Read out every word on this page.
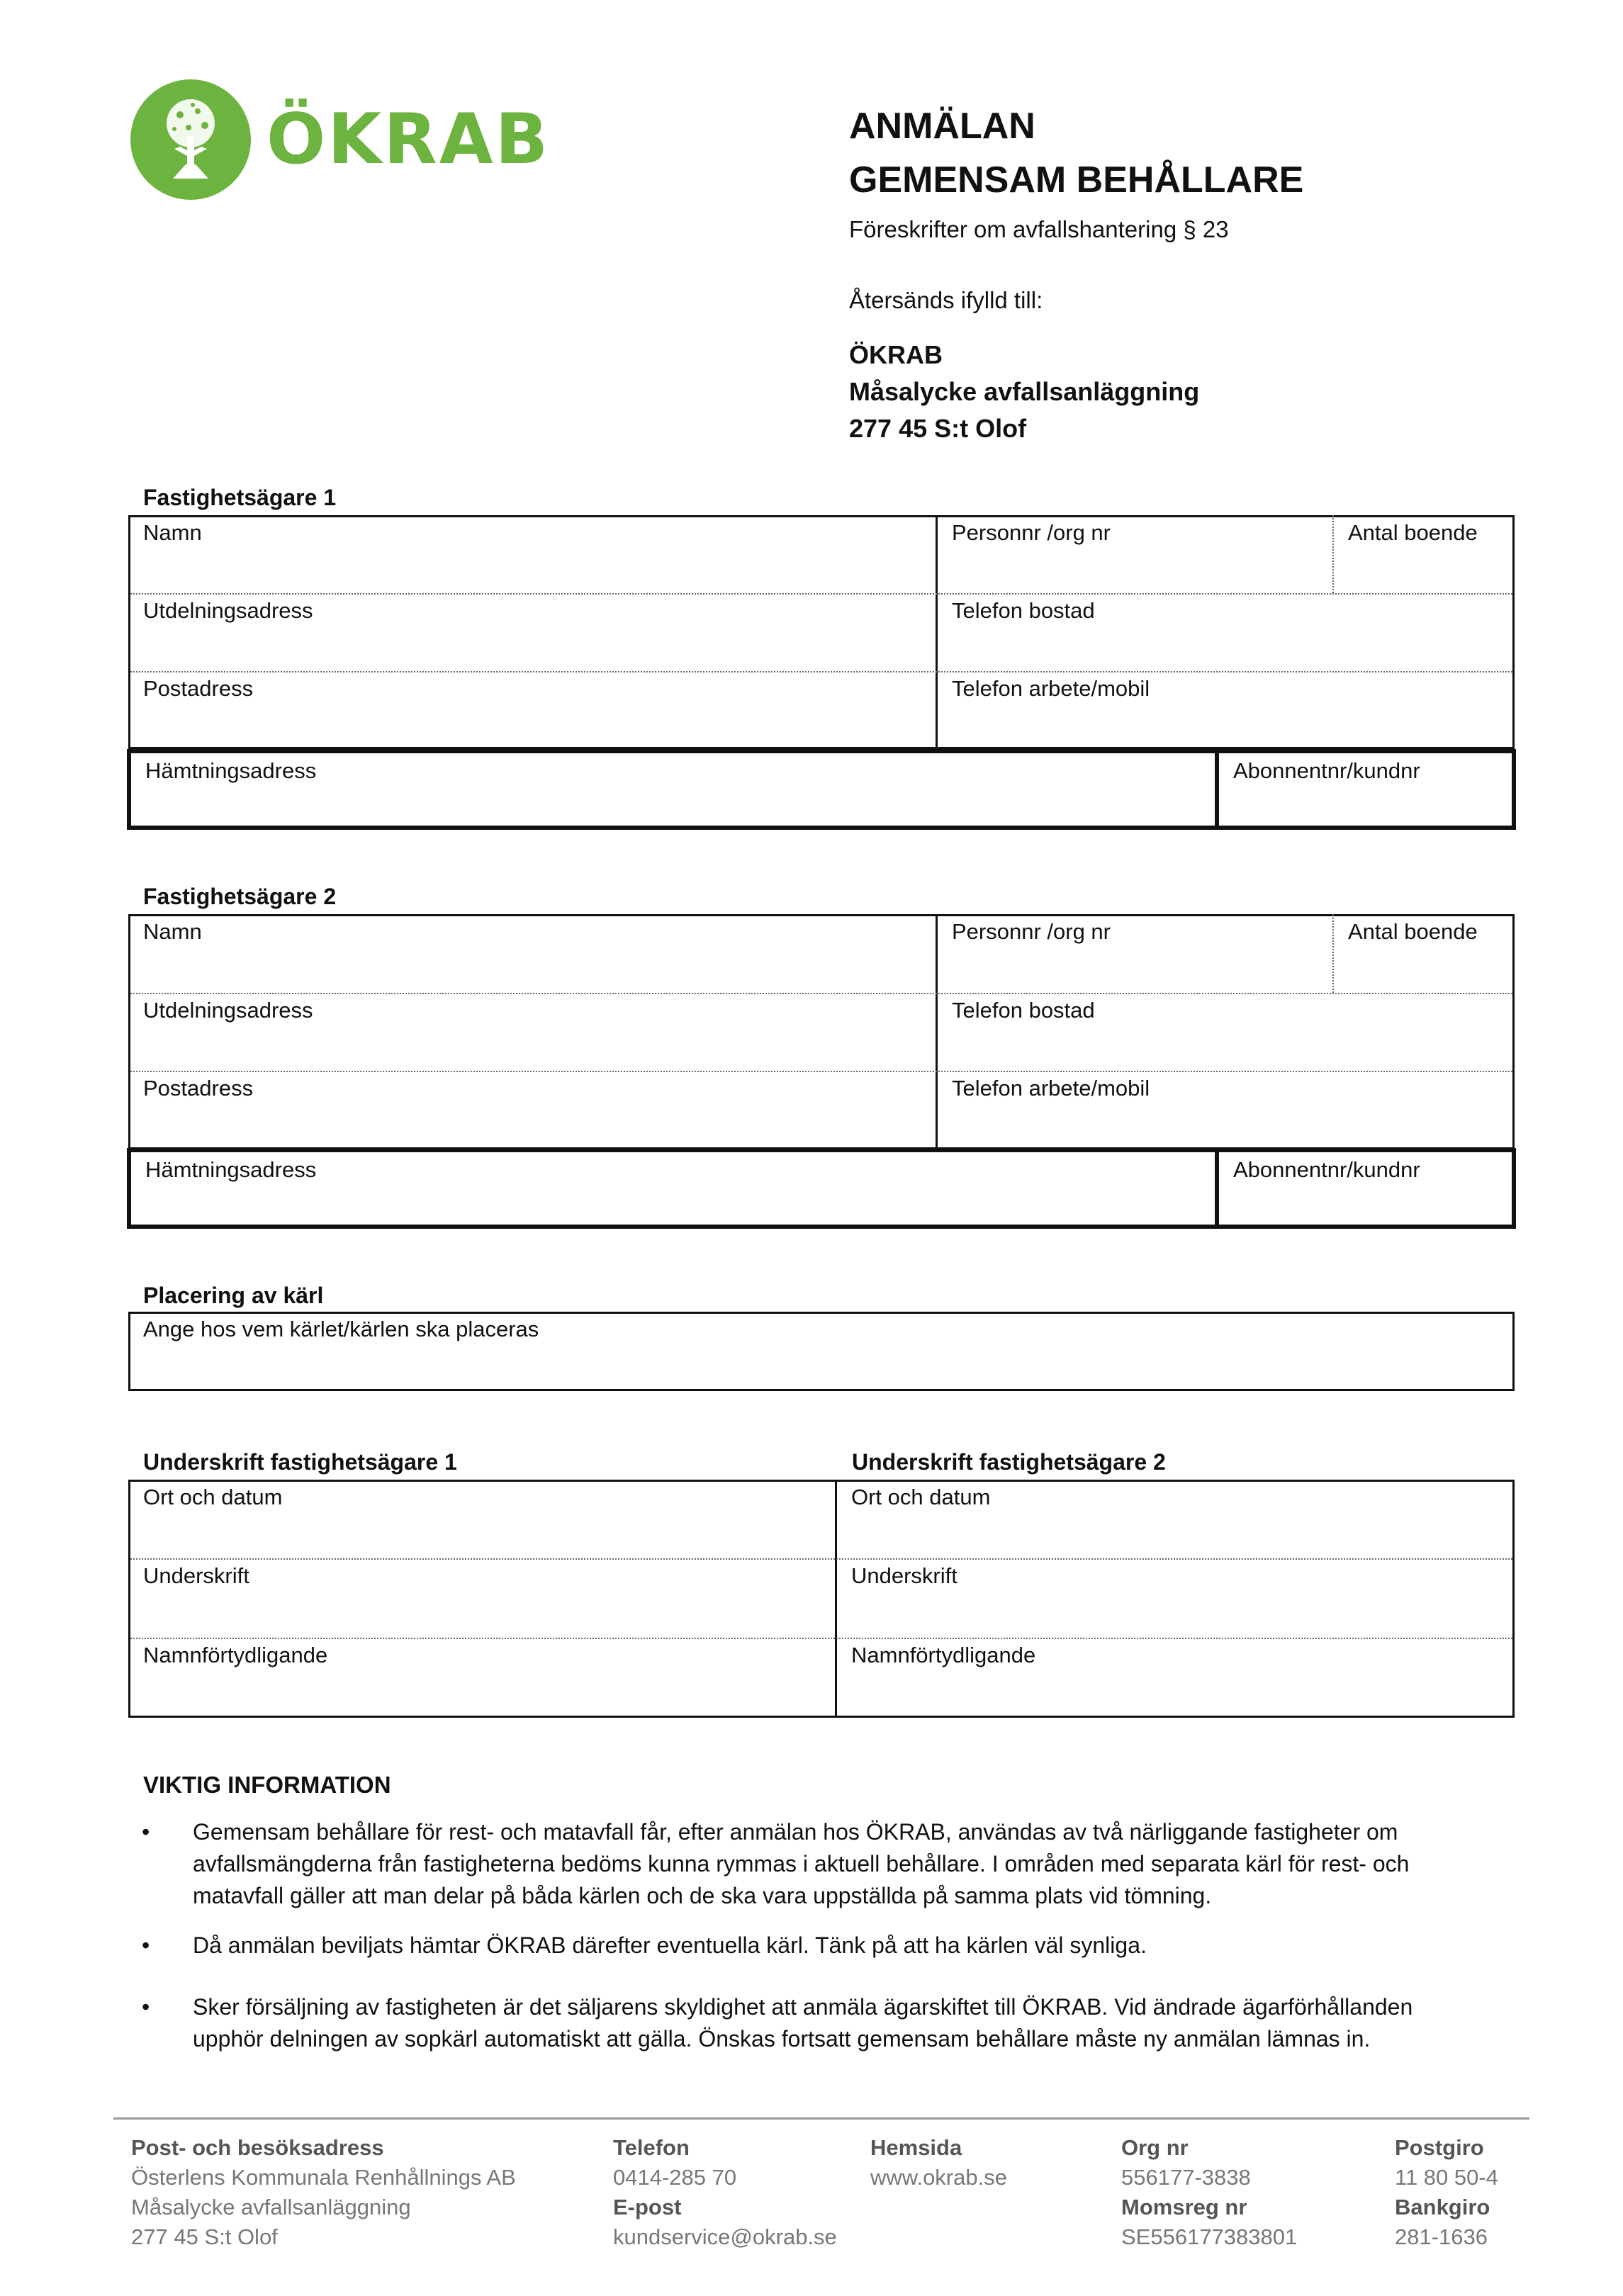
ÖKRAB	ANMÄLAN
GEMENSAM BEHÅLLARE
Föreskrifter om avfallshantering § 23
Återsänds ifylld till:
ÖKRAB
Måsalycke avfallsanläggning
277 45 S:t Olof
Fastighetsägare 1
Namn	Personnr /org nr	Antal boende
Utdelningsadress	Telefon bostad
Postadress	Telefon arbete/mobil
Hämtningsadress	Abonnentnr/kundnr
Fastighetsägare 2
Namn	Personnr /org nr	Antal boende
Utdelningsadress	Telefon bostad
Postadress	Telefon arbete/mobil
Hämtningsadress	Abonnentnr/kundnr
Placering av kärl
Ange hos vem kärlet/kärlen ska placeras
Underskrift fastighetsägare 1	Underskrift fastighetsägare 2
Ort och datum	Ort och datum
Underskrift	Underskrift
Namnförtydligande	Namnförtydligande
VIKTIG INFORMATION
• Gemensam behållare för rest- och matavfall får, efter anmälan hos ÖKRAB, användas av två närliggande fastigheter om avfallsmängderna från fastigheterna bedöms kunna rymmas i aktuell behållare. I områden med separata kärl för rest- och matavfall gäller att man delar på båda kärlen och de ska vara uppställda på samma plats vid tömning.
• Då anmälan beviljats hämtar ÖKRAB därefter eventuella kärl. Tänk på att ha kärlen väl synliga.
• Sker försäljning av fastigheten är det säljarens skyldighet att anmäla ägarskiftet till ÖKRAB. Vid ändrade ägarförhållanden upphör delningen av sopkärl automatiskt att gälla. Önskas fortsatt gemensam behållare måste ny anmälan lämnas in.
Post- och besöksadress
Österlens Kommunala Renhållnings AB
Måsalycke avfallsanläggning
277 45 S:t Olof
Telefon
0414-285 70
E-post
kundservice@okrab.se
Hemsida
www.okrab.se
Org nr
556177-3838
Momsreg nr
SE556177383801
Postgiro
11 80 50-4
Bankgiro
281-1636
